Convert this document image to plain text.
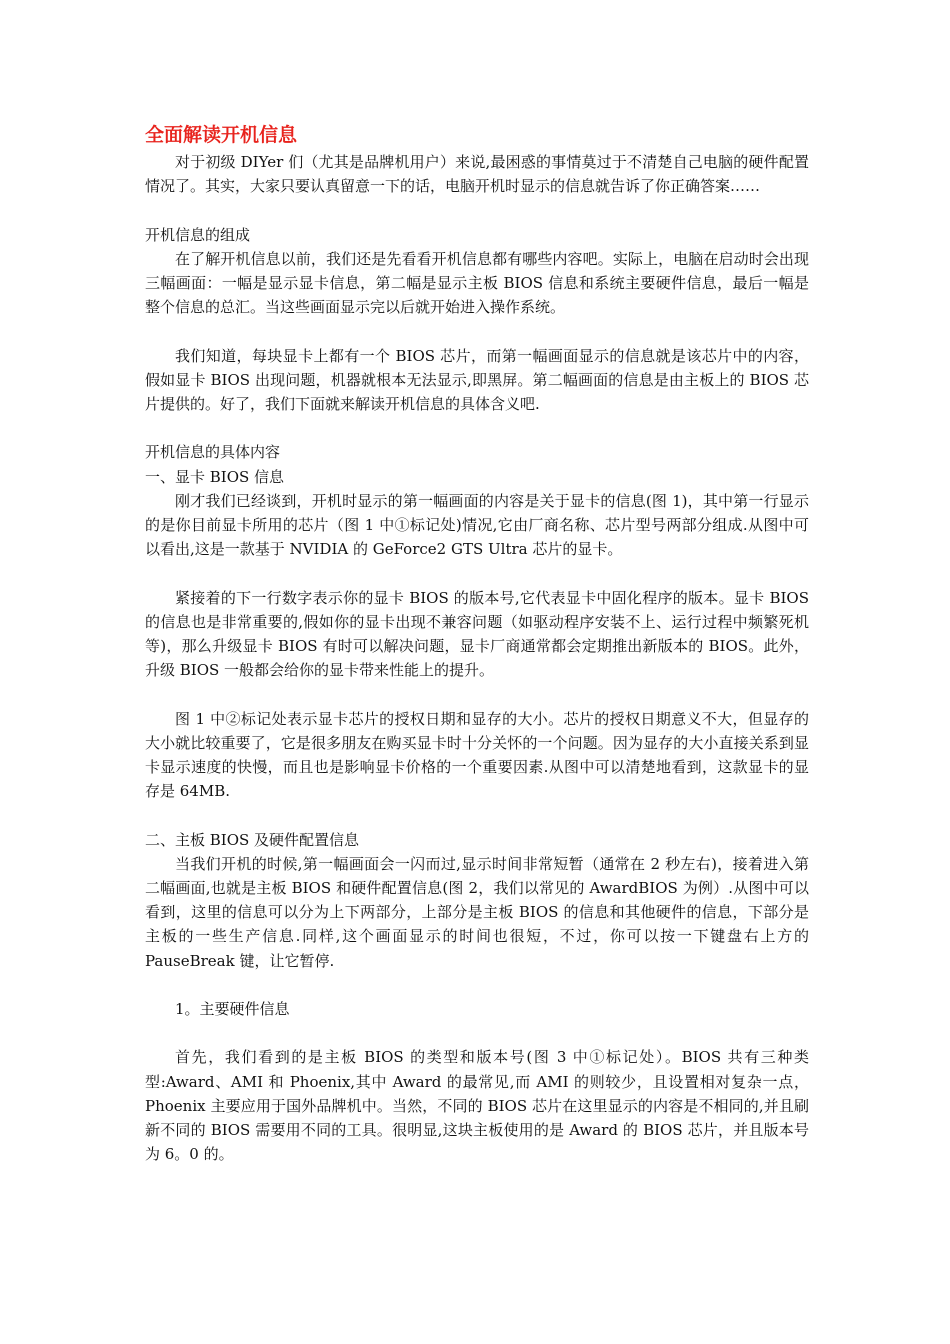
全面解读开机信息

对于初级 DIYer 们（尤其是品牌机用户）来说,最困惑的事情莫过于不清楚自己电脑的硬件配置情况了。其实，大家只要认真留意一下的话，电脑开机时显示的信息就告诉了你正确答案……

开机信息的组成

在了解开机信息以前，我们还是先看看开机信息都有哪些内容吧。实际上，电脑在启动时会出现三幅画面：一幅是显示显卡信息，第二幅是显示主板 BIOS 信息和系统主要硬件信息，最后一幅是整个信息的总汇。当这些画面显示完以后就开始进入操作系统。

我们知道，每块显卡上都有一个 BIOS 芯片，而第一幅画面显示的信息就是该芯片中的内容，假如显卡 BIOS 出现问题，机器就根本无法显示,即黑屏。第二幅画面的信息是由主板上的 BIOS 芯片提供的。好了，我们下面就来解读开机信息的具体含义吧.

开机信息的具体内容

一、显卡 BIOS 信息

刚才我们已经谈到，开机时显示的第一幅画面的内容是关于显卡的信息(图 1)，其中第一行显示的是你目前显卡所用的芯片（图 1 中①标记处)情况,它由厂商名称、芯片型号两部分组成.从图中可以看出,这是一款基于 NVIDIA 的 GeForce2 GTS Ultra 芯片的显卡。

紧接着的下一行数字表示你的显卡 BIOS 的版本号,它代表显卡中固化程序的版本。显卡 BIOS 的信息也是非常重要的,假如你的显卡出现不兼容问题（如驱动程序安装不上、运行过程中频繁死机等)，那么升级显卡 BIOS 有时可以解决问题，显卡厂商通常都会定期推出新版本的 BIOS。此外，升级 BIOS 一般都会给你的显卡带来性能上的提升。

图 1 中②标记处表示显卡芯片的授权日期和显存的大小。芯片的授权日期意义不大，但显存的大小就比较重要了，它是很多朋友在购买显卡时十分关怀的一个问题。因为显存的大小直接关系到显卡显示速度的快慢，而且也是影响显卡价格的一个重要因素.从图中可以清楚地看到，这款显卡的显存是 64MB.

二、主板 BIOS 及硬件配置信息

当我们开机的时候,第一幅画面会一闪而过,显示时间非常短暂（通常在 2 秒左右)，接着进入第二幅画面,也就是主板 BIOS 和硬件配置信息(图 2，我们以常见的 AwardBIOS 为例）.从图中可以看到，这里的信息可以分为上下两部分，上部分是主板 BIOS 的信息和其他硬件的信息，下部分是主板的一些生产信息.同样,这个画面显示的时间也很短，不过，你可以按一下键盘右上方的 PauseBreak 键，让它暂停.

1。主要硬件信息

首先，我们看到的是主板 BIOS 的类型和版本号(图 3 中①标记处）。BIOS 共有三种类型:Award、AMI 和 Phoenix,其中 Award 的最常见,而 AMI 的则较少，且设置相对复杂一点，Phoenix 主要应用于国外品牌机中。当然，不同的 BIOS 芯片在这里显示的内容是不相同的,并且刷新不同的 BIOS 需要用不同的工具。很明显,这块主板使用的是 Award 的 BIOS 芯片，并且版本号为 6。0 的。
